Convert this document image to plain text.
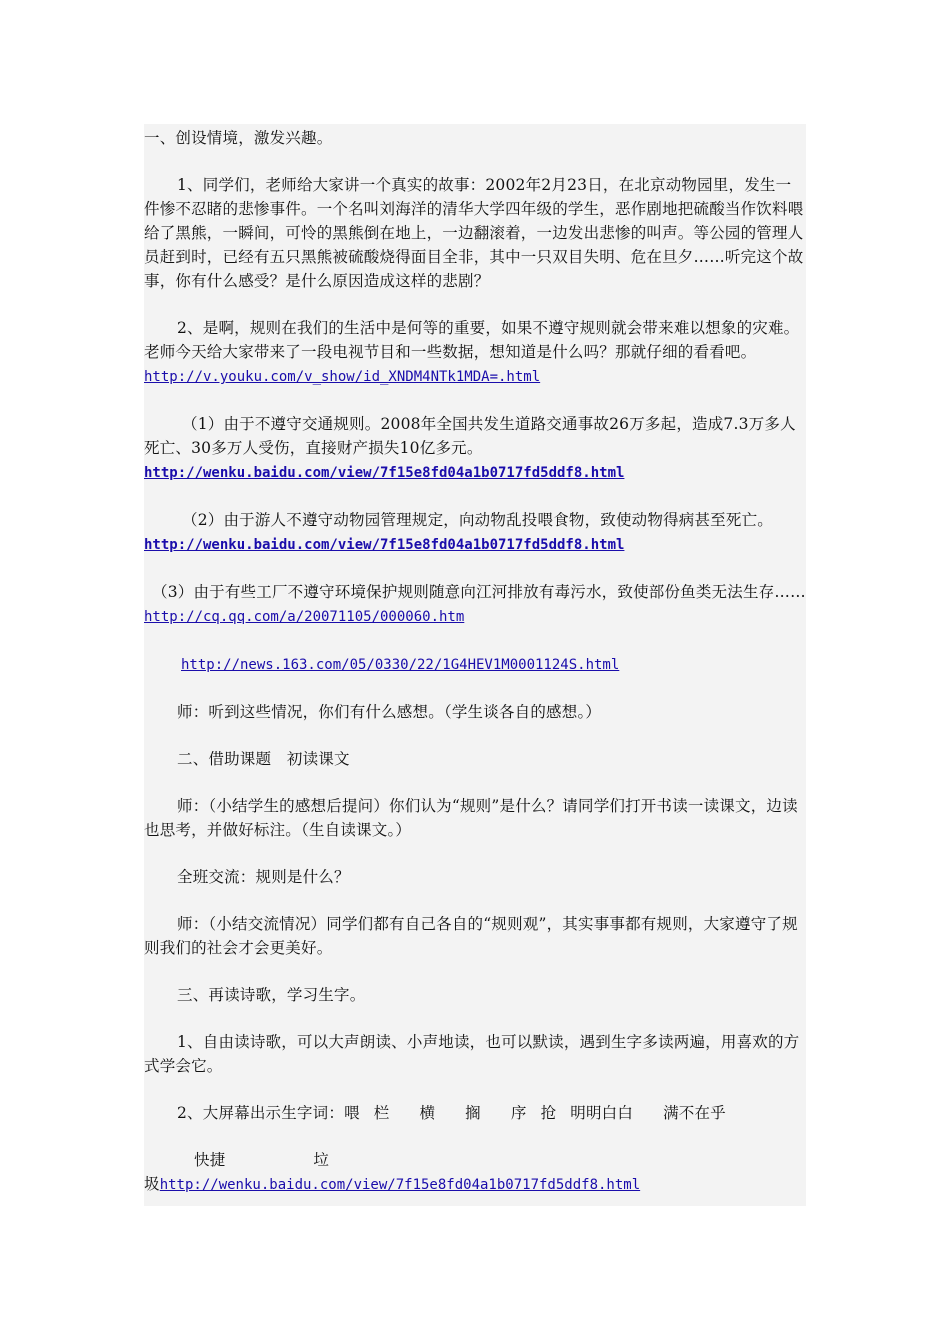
一、创设情境，激发兴趣。

1、同学们，老师给大家讲一个真实的故事：2002年2月23日，在北京动物园里，发生一件惨不忍睹的悲惨事件。一个名叫刘海洋的清华大学四年级的学生，恶作剧地把硫酸当作饮料喂给了黑熊，一瞬间，可怜的黑熊倒在地上，一边翻滚着，一边发出悲惨的叫声。等公园的管理人员赶到时，已经有五只黑熊被硫酸烧得面目全非，其中一只双目失明、危在旦夕……听完这个故事，你有什么感受？是什么原因造成这样的悲剧？

2、是啊，规则在我们的生活中是何等的重要，如果不遵守规则就会带来难以想象的灾难。老师今天给大家带来了一段电视节目和一些数据，想知道是什么吗？那就仔细的看看吧。http://v.youku.com/v_show/id_XNDM4NTk1MDA=.html

（1）由于不遵守交通规则。2008年全国共发生道路交通事故26万多起，造成7.3万多人死亡、30多万人受伤，直接财产损失10亿多元。http://wenku.baidu.com/view/7f15e8fd04a1b0717fd5ddf8.html

（2）由于游人不遵守动物园管理规定，向动物乱投喂食物，致使动物得病甚至死亡。http://wenku.baidu.com/view/7f15e8fd04a1b0717fd5ddf8.html

（3）由于有些工厂不遵守环境保护规则随意向江河排放有毒污水，致使部份鱼类无法生存……http://cq.qq.com/a/20071105/000060.htm

http://news.163.com/05/0330/22/1G4HEV1M0001124S.html

师：听到这些情况，你们有什么感想。（学生谈各自的感想。）

二、借助课题　初读课文

师：（小结学生的感想后提问）你们认为“规则”是什么？请同学们打开书读一读课文，边读也思考，并做好标注。（生自读课文。）

全班交流：规则是什么？

师：（小结交流情况）同学们都有自己各自的“规则观”，其实事事都有规则，大家遵守了规则我们的社会才会更美好。

三、再读诗歌，学习生字。

1、自由读诗歌，可以大声朗读、小声地读，也可以默读，遇到生字多读两遍，用喜欢的方式学会它。

2、大屏幕出示生字词：喂 栏 横 搁 序 抢 明明白白 满不在乎

快捷	垃

圾http://wenku.baidu.com/view/7f15e8fd04a1b0717fd5ddf8.html
